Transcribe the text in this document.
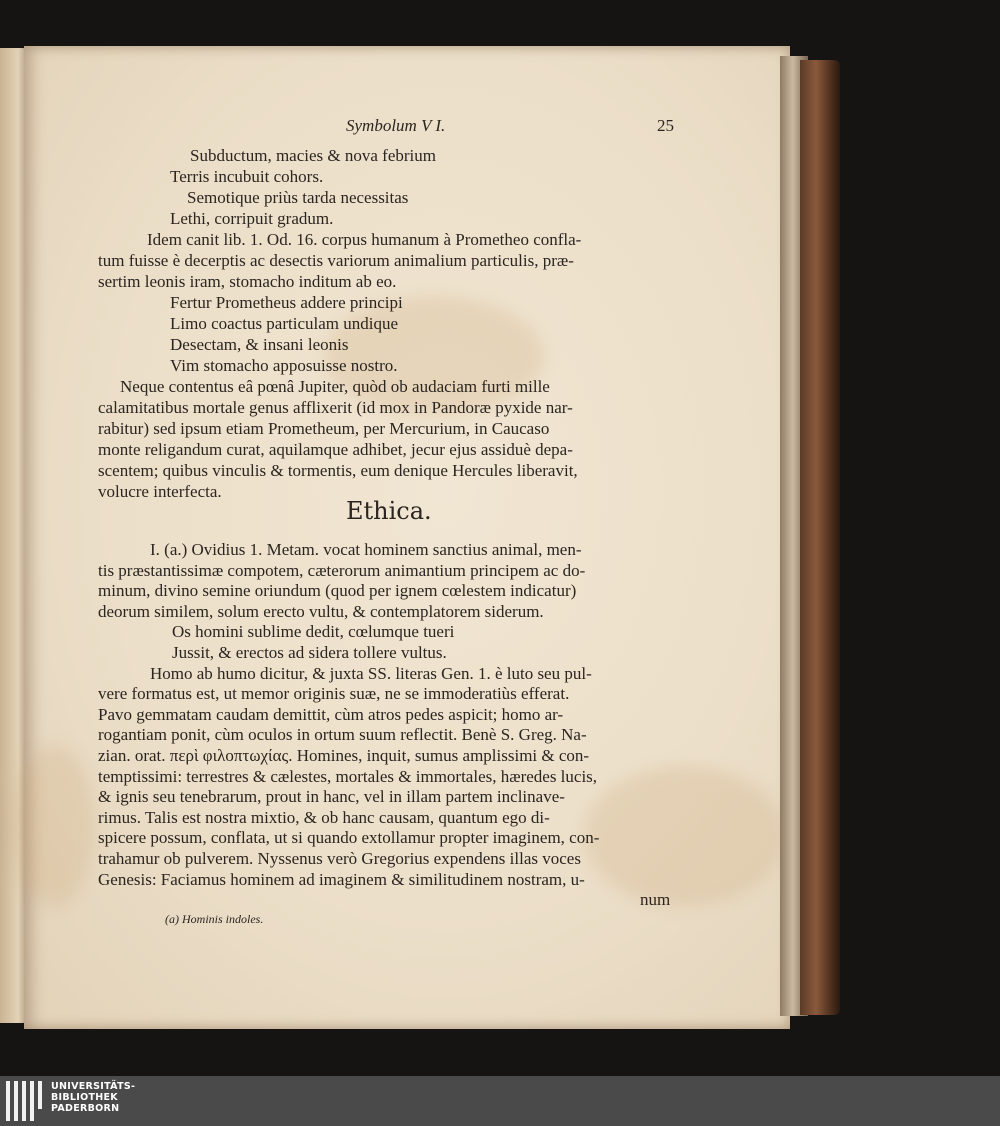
Symbolum V I.	25
Subductum, macies & nova febrium
Terris incubuit cohors.
Semotique priùs tarda necessitas
Lethi, corripuit gradum.
Idem canit lib. 1. Od. 16. corpus humanum à Prometheo confla-
tum fuisse è decerptis ac desectis variorum animalium particulis, præ-
sertim leonis iram, stomacho inditum ab eo.
Fertur Prometheus addere principi
Limo coactus particulam undique
Desectam, & insani leonis
Vim stomacho apposuisse nostro.
Neque contentus eâ pœnâ Jupiter, quòd ob audaciam furti mille
calamitatibus mortale genus afflixerit (id mox in Pandoræ pyxide nar-
rabitur) sed ipsum etiam Prometheum, per Mercurium, in Caucaso
monte religandum curat, aquilamque adhibet, jecur ejus assiduè depa-
scentem; quibus vinculis & tormentis, eum denique Hercules liberavit,
volucre interfecta.
Ethica.
I. (a.) Ovidius 1. Metam. vocat hominem sanctius animal, men-
tis præstantissimæ compotem, cæterorum animantium principem ac do-
minum, divino semine oriundum (quod per ignem cœlestem indicatur)
deorum similem, solum erecto vultu, & contemplatorem siderum.
Os homini sublime dedit, cœlumque tueri
Jussit, & erectos ad sidera tollere vultus.
Homo ab humo dicitur, & juxta SS. literas Gen. 1. è luto seu pul-
vere formatus est, ut memor originis suæ, ne se immoderatiùs efferat.
Pavo gemmatam caudam demittit, cùm atros pedes aspicit; homo ar-
rogantiam ponit, cùm oculos in ortum suum reflectit. Benè S. Greg. Na-
zian. orat. περὶ φιλοπτωχίας. Homines, inquit, sumus amplissimi & con-
temptissimi: terrestres & cælestes, mortales & immortales, hæredes lucis,
& ignis seu tenebrarum, prout in hanc, vel in illam partem inclinave-
rimus. Talis est nostra mixtio, & ob hanc causam, quantum ego di-
spicere possum, conflata, ut si quando extollamur propter imaginem, con-
trahamur ob pulverem. Nyssenus verò Gregorius expendens illas voces
Genesis: Faciamus hominem ad imaginem & similitudinem nostram, u-
num
(a) Hominis indoles.
UNIVERSITÄTS-
BIBLIOTHEK
PADERBORN
